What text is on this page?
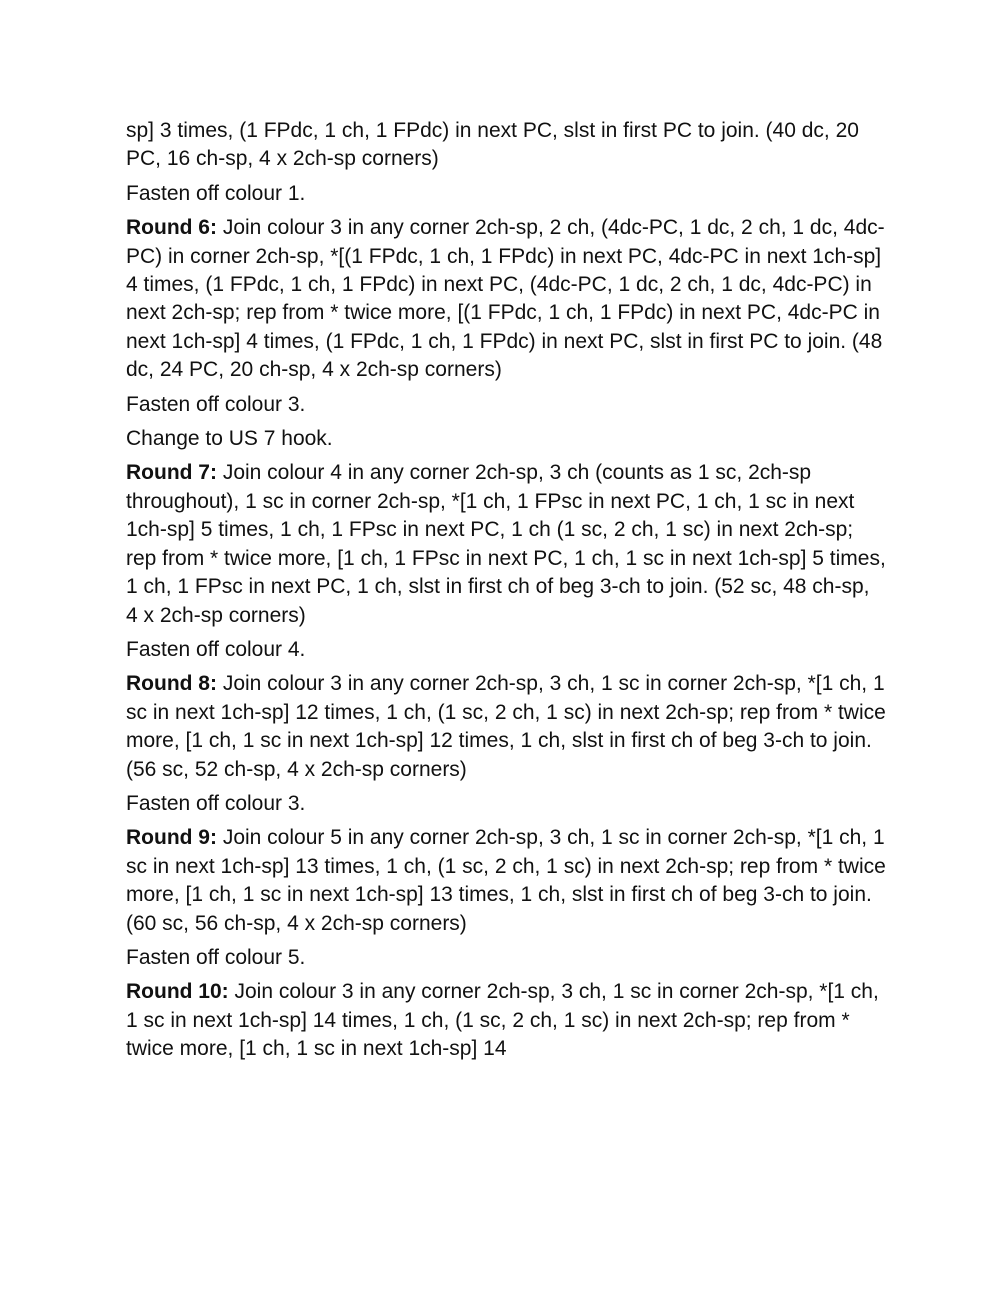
sp] 3 times, (1 FPdc, 1 ch, 1 FPdc) in next PC, slst in first PC to join. (40 dc, 20 PC, 16 ch-sp, 4 x 2ch-sp corners)

Fasten off colour 1.

Round 6: Join colour 3 in any corner 2ch-sp, 2 ch, (4dc-PC, 1 dc, 2 ch, 1 dc, 4dc-PC) in corner 2ch-sp, *[(1 FPdc, 1 ch, 1 FPdc) in next PC, 4dc-PC in next 1ch-sp] 4 times, (1 FPdc, 1 ch, 1 FPdc) in next PC, (4dc-PC, 1 dc, 2 ch, 1 dc, 4dc-PC) in next 2ch-sp; rep from * twice more, [(1 FPdc, 1 ch, 1 FPdc) in next PC, 4dc-PC in next 1ch-sp] 4 times, (1 FPdc, 1 ch, 1 FPdc) in next PC, slst in first PC to join. (48 dc, 24 PC, 20 ch-sp, 4 x 2ch-sp corners)

Fasten off colour 3.

Change to US 7 hook.

Round 7: Join colour 4 in any corner 2ch-sp, 3 ch (counts as 1 sc, 2ch-sp throughout), 1 sc in corner 2ch-sp, *[1 ch, 1 FPsc in next PC, 1 ch, 1 sc in next 1ch-sp] 5 times, 1 ch, 1 FPsc in next PC, 1 ch (1 sc, 2 ch, 1 sc) in next 2ch-sp; rep from * twice more, [1 ch, 1 FPsc in next PC, 1 ch, 1 sc in next 1ch-sp] 5 times, 1 ch, 1 FPsc in next PC, 1 ch, slst in first ch of beg 3-ch to join. (52 sc, 48 ch-sp, 4 x 2ch-sp corners)

Fasten off colour 4.

Round 8: Join colour 3 in any corner 2ch-sp, 3 ch, 1 sc in corner 2ch-sp, *[1 ch, 1 sc in next 1ch-sp] 12 times, 1 ch, (1 sc, 2 ch, 1 sc) in next 2ch-sp; rep from * twice more, [1 ch, 1 sc in next 1ch-sp] 12 times, 1 ch, slst in first ch of beg 3-ch to join. (56 sc, 52 ch-sp, 4 x 2ch-sp corners)

Fasten off colour 3.

Round 9: Join colour 5 in any corner 2ch-sp, 3 ch, 1 sc in corner 2ch-sp, *[1 ch, 1 sc in next 1ch-sp] 13 times, 1 ch, (1 sc, 2 ch, 1 sc) in next 2ch-sp; rep from * twice more, [1 ch, 1 sc in next 1ch-sp] 13 times, 1 ch, slst in first ch of beg 3-ch to join. (60 sc, 56 ch-sp, 4 x 2ch-sp corners)

Fasten off colour 5.

Round 10: Join colour 3 in any corner 2ch-sp, 3 ch, 1 sc in corner 2ch-sp, *[1 ch, 1 sc in next 1ch-sp] 14 times, 1 ch, (1 sc, 2 ch, 1 sc) in next 2ch-sp; rep from * twice more, [1 ch, 1 sc in next 1ch-sp] 14
